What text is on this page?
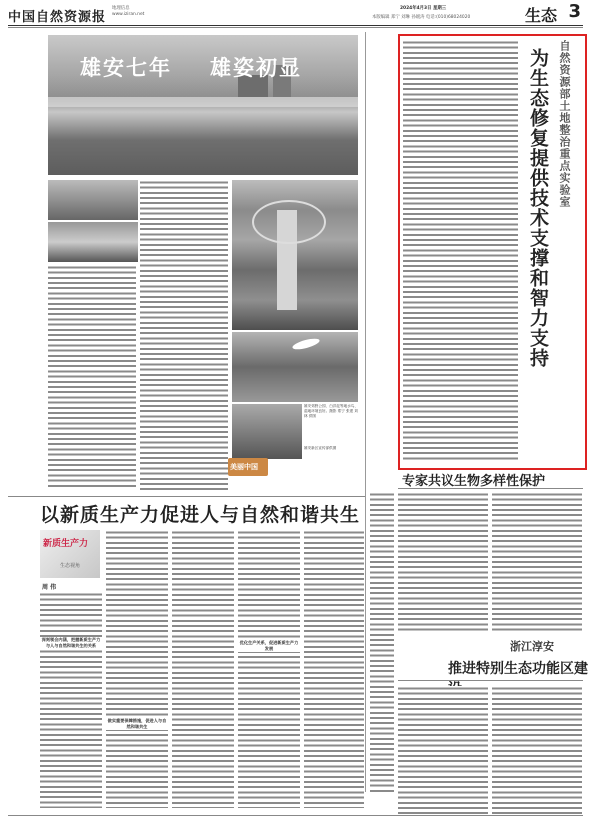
中国自然资源报
地理信息
www.iziran.net
2024年4月3日 星期三
本版编辑 郑宁 刘琳 孙媛涛 电话:(010)68024020	生态 3
雄安七年 雄姿初显
雄安郊野公园、白洋淀等地水鸟、湿地环境良好。摄影 郑宁 张建 刘林 供图
雄安新区宣传部供图
美丽中国
为生态修复提供技术支撑和智力支持 自然资源部土地整治重点实验室
专家共议生物多样性保护
浙江淳安
推进特别生态功能区建
以新质生产力促进人与自然和谐共生
新质生产力
生态视角
周 伟
深刻领会内涵，把握新质生产力与人与自然和谐共生的关系
做实重要保障措施，促进人与自然和谐共生
优化生产关系，促进新质生产力发展
